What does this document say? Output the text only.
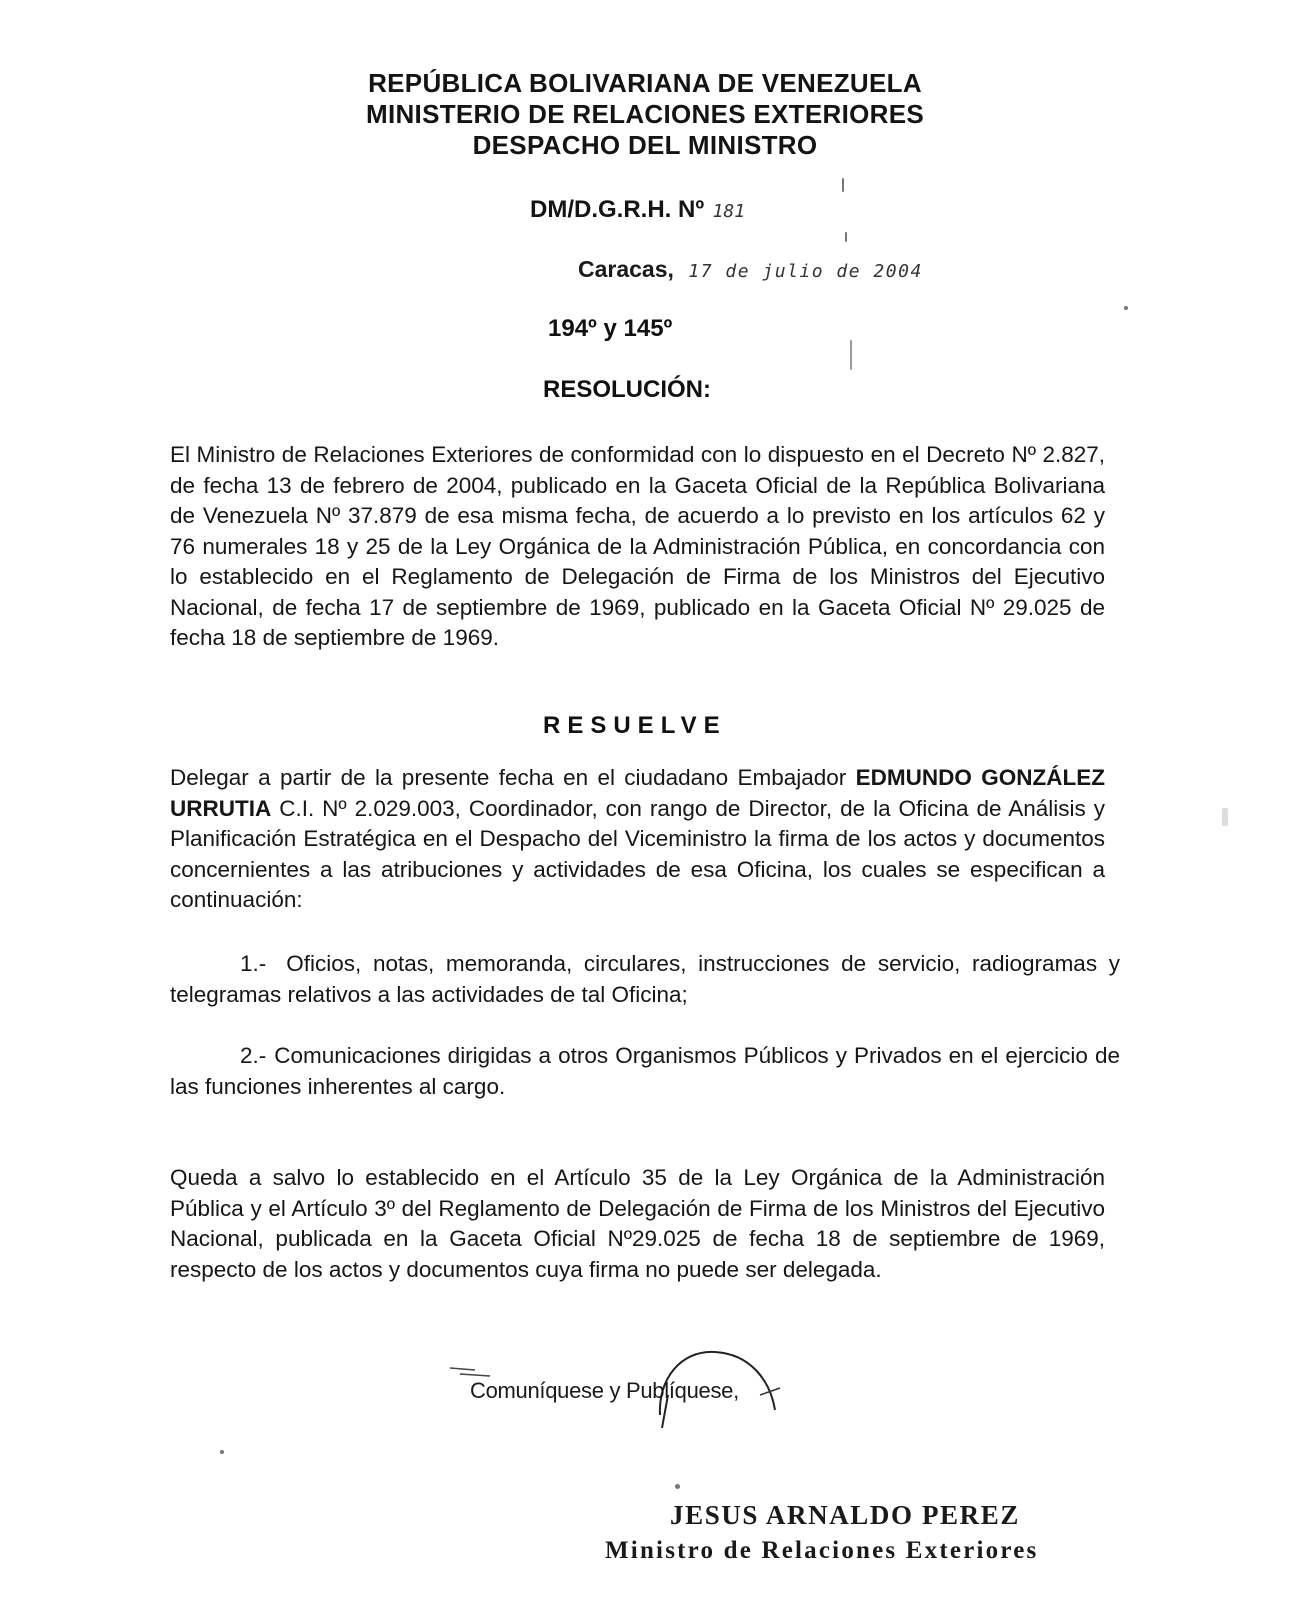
REPÚBLICA BOLIVARIANA DE VENEZUELA
MINISTERIO DE RELACIONES EXTERIORES
DESPACHO DEL MINISTRO
DM/D.G.R.H. Nº 181
Caracas, 17 de julio de 2004
194º y 145º
RESOLUCIÓN:
El Ministro de Relaciones Exteriores de conformidad con lo dispuesto en el Decreto Nº 2.827, de fecha 13 de febrero de 2004, publicado en la Gaceta Oficial de la República Bolivariana de Venezuela Nº 37.879 de esa misma fecha, de acuerdo a lo previsto en los artículos 62 y 76 numerales 18 y 25 de la Ley Orgánica de la Administración Pública, en concordancia con lo establecido en el Reglamento de Delegación de Firma de los Ministros del Ejecutivo Nacional, de fecha 17 de septiembre de 1969, publicado en la Gaceta Oficial Nº 29.025 de fecha 18 de septiembre de 1969.
RESUELVE
Delegar a partir de la presente fecha en el ciudadano Embajador EDMUNDO GONZÁLEZ URRUTIA C.I. Nº 2.029.003, Coordinador, con rango de Director, de la Oficina de Análisis y Planificación Estratégica en el Despacho del Viceministro la firma de los actos y documentos concernientes a las atribuciones y actividades de esa Oficina, los cuales se especifican a continuación:
1.- Oficios, notas, memoranda, circulares, instrucciones de servicio, radiogramas y telegramas relativos a las actividades de tal Oficina;
2.- Comunicaciones dirigidas a otros Organismos Públicos y Privados en el ejercicio de las funciones inherentes al cargo.
Queda a salvo lo establecido en el Artículo 35 de la Ley Orgánica de la Administración Pública y el Artículo 3º del Reglamento de Delegación de Firma de los Ministros del Ejecutivo Nacional, publicada en la Gaceta Oficial Nº29.025 de fecha 18 de septiembre de 1969, respecto de los actos y documentos cuya firma no puede ser delegada.
Comuníquese y Publíquese,
JESUS ARNALDO PEREZ
Ministro de Relaciones Exteriores
